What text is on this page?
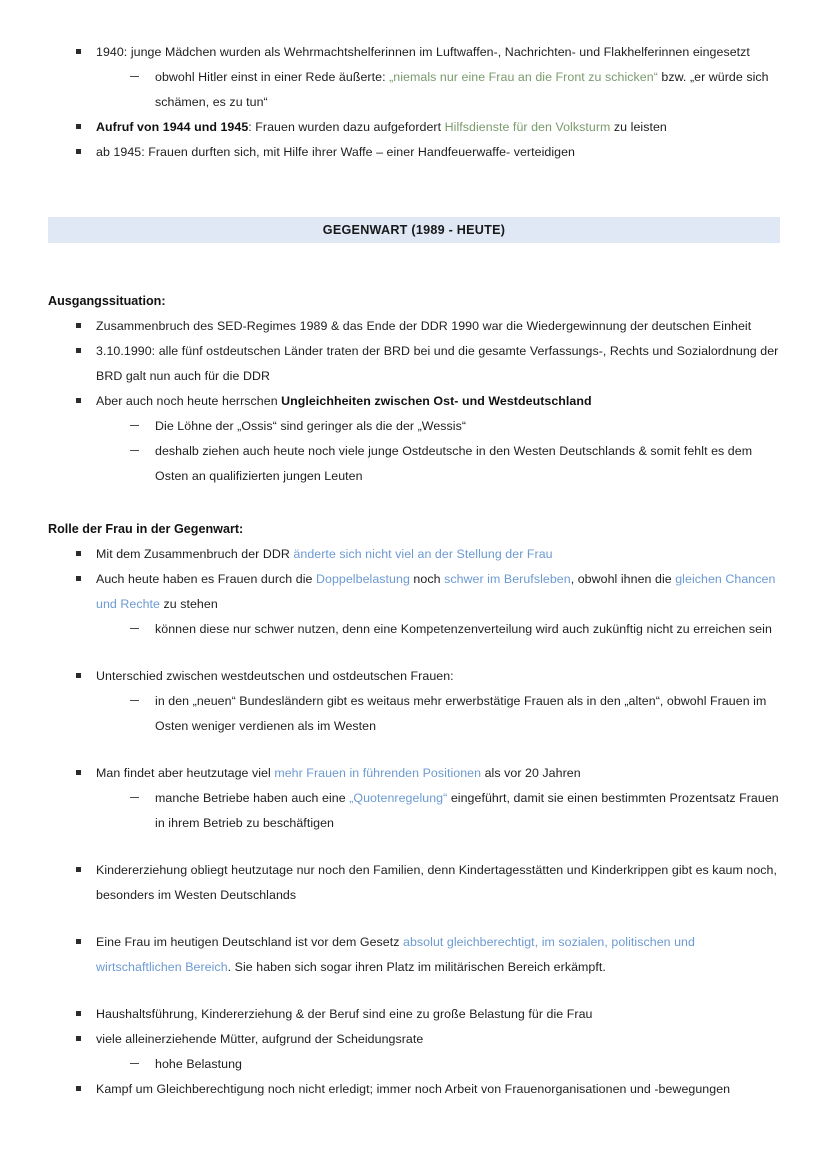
1940: junge Mädchen wurden als Wehrmachtshelferinnen im Luftwaffen-, Nachrichten- und Flakhelferinnen eingesetzt
obwohl Hitler einst in einer Rede äußerte: „niemals nur eine Frau an die Front zu schicken“ bzw. „er würde sich schämen, es zu tun“
Aufruf von 1944 und 1945: Frauen wurden dazu aufgefordert Hilfsdienste für den Volksturm zu leisten
ab 1945: Frauen durften sich, mit Hilfe ihrer Waffe – einer Handfeuerwaffe- verteidigen
GEGENWART (1989 - HEUTE)
Ausgangssituation:
Zusammenbruch des SED-Regimes 1989 & das Ende der DDR 1990 war die Wiedergewinnung der deutschen Einheit
3.10.1990: alle fünf ostdeutschen Länder traten der BRD bei und die gesamte Verfassungs-, Rechts und Sozialordnung der BRD galt nun auch für die DDR
Aber auch noch heute herrschen Ungleichheiten zwischen Ost- und Westdeutschland
Die Löhne der „Ossis“ sind geringer als die der „Wessis“
deshalb ziehen auch heute noch viele junge Ostdeutsche in den Westen Deutschlands & somit fehlt es dem Osten an qualifizierten jungen Leuten
Rolle der Frau in der Gegenwart:
Mit dem Zusammenbruch der DDR änderte sich nicht viel an der Stellung der Frau
Auch heute haben es Frauen durch die Doppelbelastung noch schwer im Berufsleben, obwohl ihnen die gleichen Chancen und Rechte zu stehen
können diese nur schwer nutzen, denn eine Kompetenzenverteilung wird auch zukünftig nicht zu erreichen sein
Unterschied zwischen westdeutschen und ostdeutschen Frauen:
in den „neuen“ Bundesländern gibt es weitaus mehr erwerbstätige Frauen als in den „alten“, obwohl Frauen im Osten weniger verdienen als im Westen
Man findet aber heutzutage viel mehr Frauen in führenden Positionen als vor 20 Jahren
manche Betriebe haben auch eine „Quotenregelung“ eingeführt, damit sie einen bestimmten Prozentsatz Frauen in ihrem Betrieb zu beschäftigen
Kindererziehung obliegt heutzutage nur noch den Familien, denn Kindertagesstätten und Kinderkrippen gibt es kaum noch, besonders im Westen Deutschlands
Eine Frau im heutigen Deutschland ist vor dem Gesetz absolut gleichberechtigt, im sozialen, politischen und wirtschaftlichen Bereich. Sie haben sich sogar ihren Platz im militärischen Bereich erkämpft.
Haushaltsführung, Kindererziehung & der Beruf sind eine zu große Belastung für die Frau
viele alleinerziehende Mütter, aufgrund der Scheidungsrate
hohe Belastung
Kampf um Gleichberechtigung noch nicht erledigt; immer noch Arbeit von Frauenorganisationen und -bewegungen
